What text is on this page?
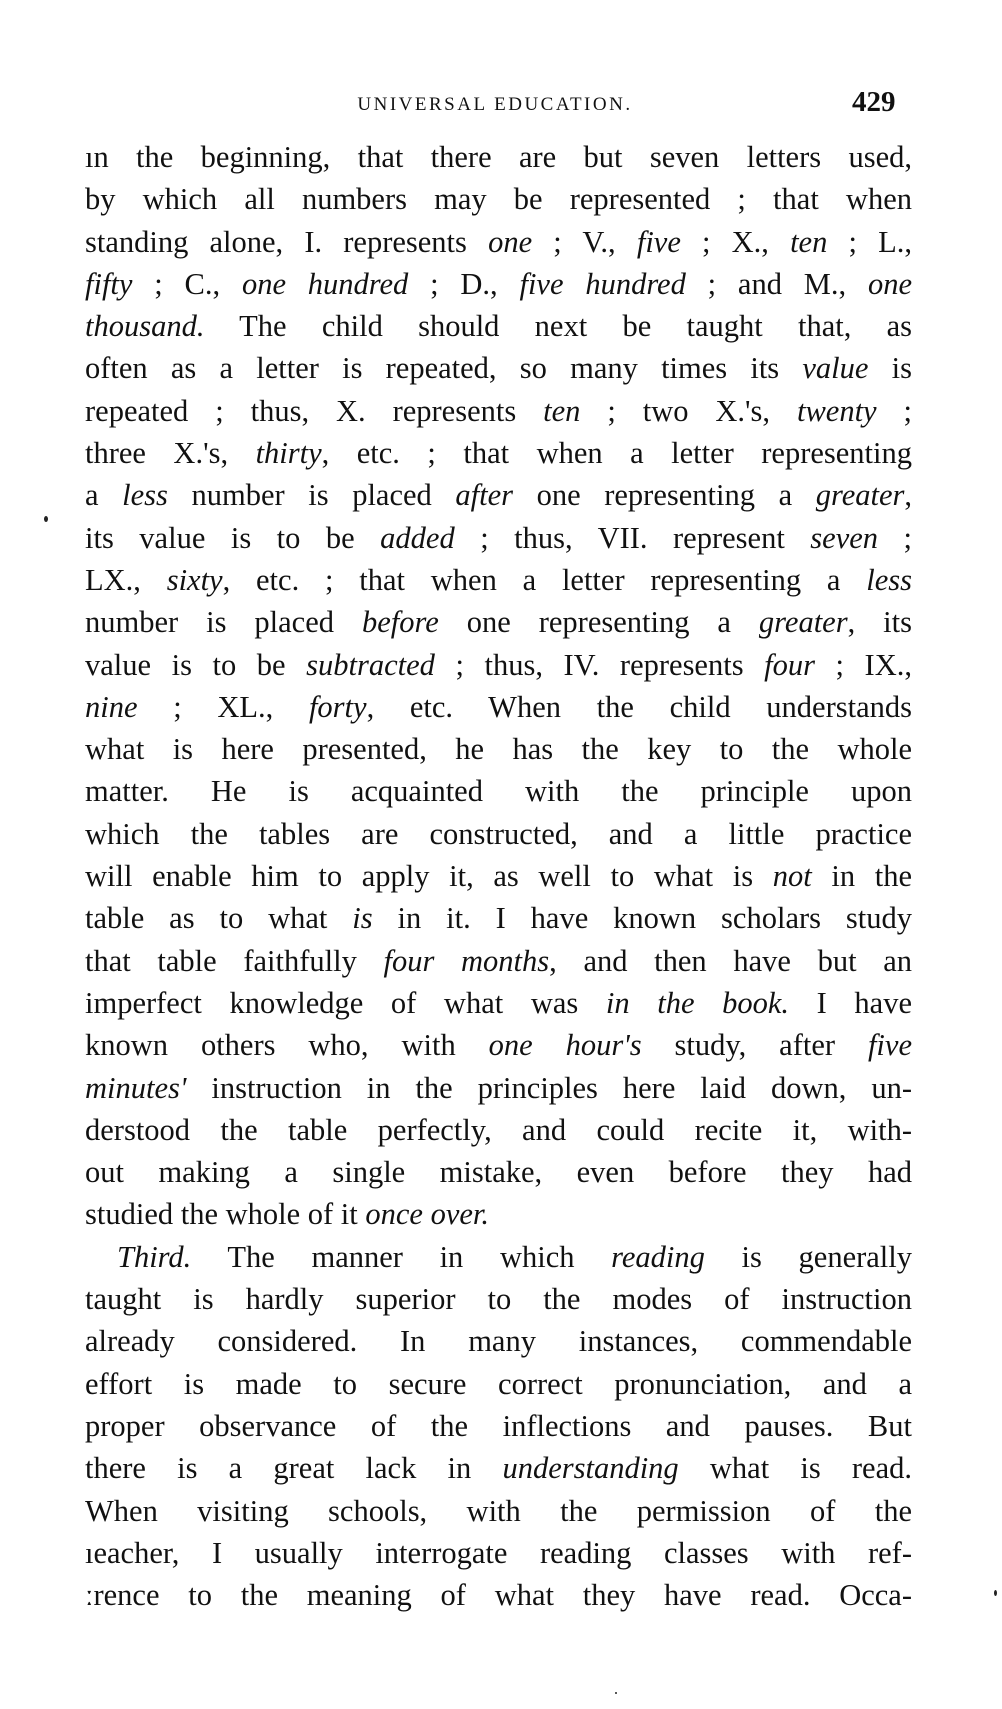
UNIVERSAL EDUCATION.	429
ın the beginning, that there are but seven letters used,
by which all numbers may be represented ; that when
standing alone, I. represents one ; V., five ; X., ten ; L.,
fifty ; C., one hundred ; D., five hundred ; and M., one
thousand. The child should next be taught that, as
often as a letter is repeated, so many times its value is
repeated ; thus, X. represents ten ; two X.'s, twenty ;
three X.'s, thirty, etc. ; that when a letter representing
a less number is placed after one representing a greater,
its value is to be added ; thus, VII. represent seven ;
LX., sixty, etc. ; that when a letter representing a less
number is placed before one representing a greater, its
value is to be subtracted ; thus, IV. represents four ; IX.,
nine ; XL., forty, etc. When the child understands
what is here presented, he has the key to the whole
matter. He is acquainted with the principle upon
which the tables are constructed, and a little practice
will enable him to apply it, as well to what is not in the
table as to what is in it. I have known scholars study
that table faithfully four months, and then have but an
imperfect knowledge of what was in the book. I have
known others who, with one hour's study, after five
minutes' instruction in the principles here laid down, un-
derstood the table perfectly, and could recite it, with-
out making a single mistake, even before they had
studied the whole of it once over.
Third. The manner in which reading is generally
taught is hardly superior to the modes of instruction
already considered. In many instances, commendable
effort is made to secure correct pronunciation, and a
proper observance of the inflections and pauses. But
there is a great lack in understanding what is read.
When visiting schools, with the permission of the
ıeacher, I usually interrogate reading classes with ref-
ːrence to the meaning of what they have read. Occa-
